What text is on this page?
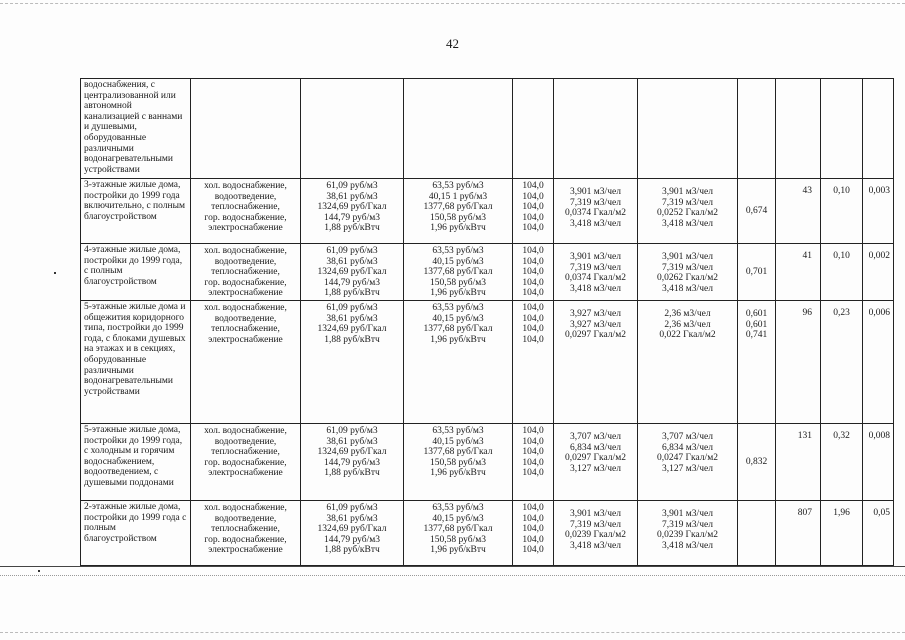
42
водоснабжения, с централизованной или автономной канализацией с ваннами и душевыми, оборудованные различными водонагревательными устройствами										
3-этажные жилые дома, постройки до 1999 года включительно, с полным благоустройством	хол. водоснабжение,
водоотведение,
теплоснабжение,
гор. водоснабжение,
электроснабжение	61,09 руб/м3
38,61 руб/м3
1324,69 руб/Гкал
144,79 руб/м3
1,88 руб/кВтч	63,53 руб/м3
40,15 1 руб/м3
1377,68 руб/Гкал
150,58 руб/м3
1,96 руб/кВтч	104,0
104,0
104,0
104,0
104,0	3,901 м3/чел
7,319 м3/чел
0,0374 Гкал/м2
3,418 м3/чел	3,901 м3/чел
7,319 м3/чел
0,0252 Гкал/м2
3,418 м3/чел	0,674	43	0,10	0,003
4-этажные жилые дома, постройки до 1999 года, с полным благоустройством	хол. водоснабжение,
водоотведение,
теплоснабжение,
гор. водоснабжение,
электроснабжение	61,09 руб/м3
38,61 руб/м3
1324,69 руб/Гкал
144,79 руб/м3
1,88 руб/кВтч	63,53 руб/м3
40,15 руб/м3
1377,68 руб/Гкал
150,58 руб/м3
1,96 руб/кВтч	104,0
104,0
104,0
104,0
104,0	3,901 м3/чел
7,319 м3/чел
0,0374 Гкал/м2
3,418 м3/чел	3,901 м3/чел
7,319 м3/чел
0,0262 Гкал/м2
3,418 м3/чел	0,701	41	0,10	0,002
5-этажные жилые дома и общежития коридорного типа, постройки до 1999 года, с блоками душевых на этажах и в секциях, оборудованные различными водонагревательными устройствами	хол. водоснабжение,
водоотведение,
теплоснабжение,
электроснабжение	61,09 руб/м3
38,61 руб/м3
1324,69 руб/Гкал
1,88 руб/кВтч	63,53 руб/м3
40,15 руб/м3
1377,68 руб/Гкал
1,96 руб/кВтч	104,0
104,0
104,0
104,0	3,927 м3/чел
3,927 м3/чел
0,0297 Гкал/м2	2,36 м3/чел
2,36 м3/чел
0,022 Гкал/м2	0,601
0,601
0,741	96	0,23	0,006
5-этажные жилые дома, постройки до 1999 года, с холодным и горячим водоснабжением, водоотведением, с душевыми поддонами	хол. водоснабжение,
водоотведение,
теплоснабжение,
гор. водоснабжение,
электроснабжение	61,09 руб/м3
38,61 руб/м3
1324,69 руб/Гкал
144,79 руб/м3
1,88 руб/кВтч	63,53 руб/м3
40,15 руб/м3
1377,68 руб/Гкал
150,58 руб/м3
1,96 руб/кВтч	104,0
104,0
104,0
104,0
104,0	3,707 м3/чел
6,834 м3/чел
0,0297 Гкал/м2
3,127 м3/чел	3,707 м3/чел
6,834 м3/чел
0,0247 Гкал/м2
3,127 м3/чел	0,832	131	0,32	0,008
2-этажные жилые дома, постройки до 1999 года с полным благоустройством	хол. водоснабжение,
водоотведение,
теплоснабжение,
гор. водоснабжение,
электроснабжение	61,09 руб/м3
38,61 руб/м3
1324,69 руб/Гкал
144,79 руб/м3
1,88 руб/кВтч	63,53 руб/м3
40,15 руб/м3
1377,68 руб/Гкал
150,58 руб/м3
1,96 руб/кВтч	104,0
104,0
104,0
104,0
104,0	3,901 м3/чел
7,319 м3/чел
0,0239 Гкал/м2
3,418 м3/чел	3,901 м3/чел
7,319 м3/чел
0,0239 Гкал/м2
3,418 м3/чел		807	1,96	0,05
